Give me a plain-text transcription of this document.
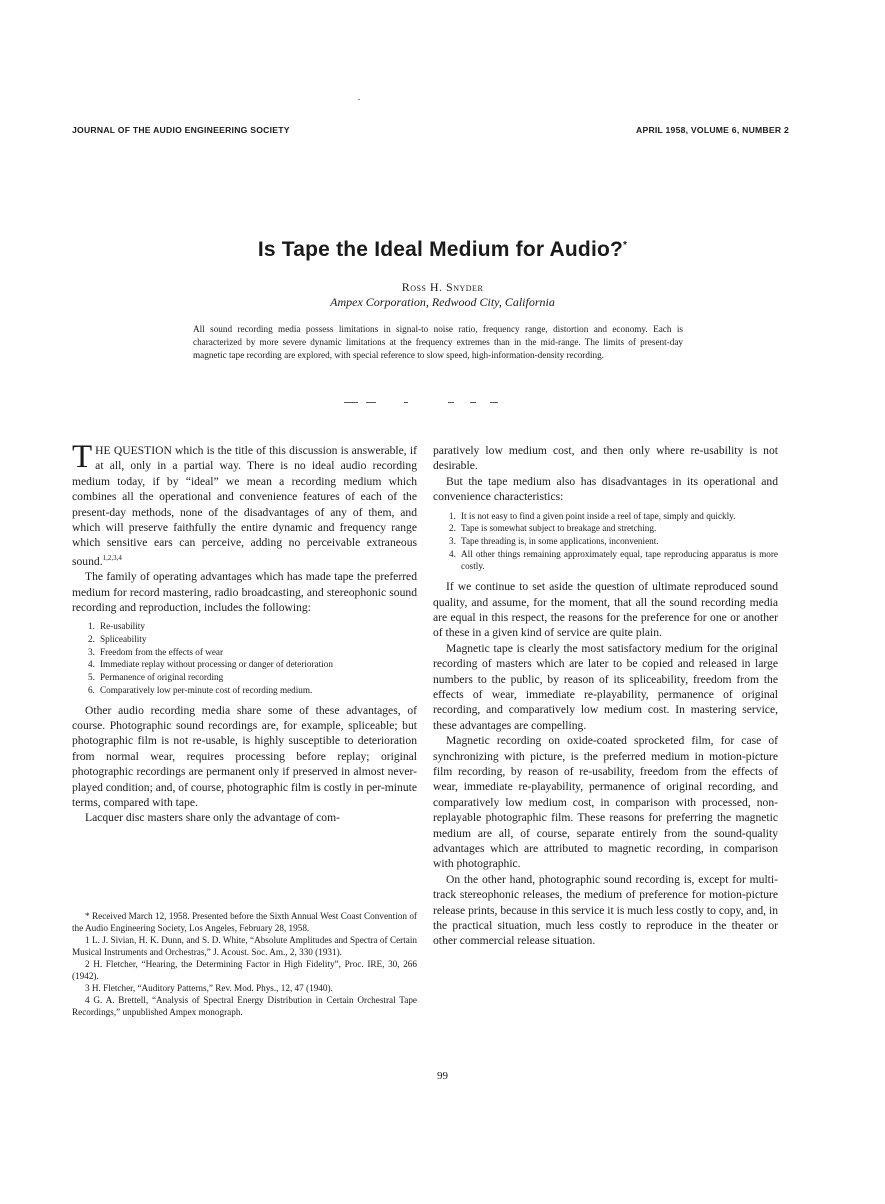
JOURNAL OF THE AUDIO ENGINEERING SOCIETY	APRIL 1958, VOLUME 6, NUMBER 2
Is Tape the Ideal Medium for Audio?*
Ross H. Snyder
Ampex Corporation, Redwood City, California
All sound recording media possess limitations in signal-to noise ratio, frequency range, distortion and economy. Each is characterized by more severe dynamic limitations at the frequency extremes than in the mid-range. The limits of present-day magnetic tape recording are explored, with special reference to slow speed, high-information-density recording.

THE QUESTION which is the title of this discussion is answerable, if at all, only in a partial way. There is no ideal audio recording medium today, if by “ideal” we mean a recording medium which combines all the operational and convenience features of each of the present-day methods, none of the disadvantages of any of them, and which will preserve faithfully the entire dynamic and frequency range which sensitive ears can perceive, adding no perceivable extraneous sound.$^{1,2,3,4}$

The family of operating advantages which has made tape the preferred medium for record mastering, radio broadcasting, and stereophonic sound recording and reproduction, includes the following:

1. Re-usability
2. Spliceability
3. Freedom from the effects of wear
4. Immediate replay without processing or danger of deterioration
5. Permanence of original recording
6. Comparatively low per-minute cost of recording medium.

Other audio recording media share some of these advantages, of course. Photographic sound recordings are, for example, spliceable; but photographic film is not re-usable, is highly susceptible to deterioration from normal wear, requires processing before replay; original photographic recordings are permanent only if preserved in almost never-played condition; and, of course, photographic film is costly in per-minute terms, compared with tape.

Lacquer disc masters share only the advantage of com-

* Received March 12, 1958. Presented before the Sixth Annual West Coast Convention of the Audio Engineering Society, Los Angeles, February 28, 1958.

1 L. J. Sivian, H. K. Dunn, and S. D. White, “Absolute Amplitudes and Spectra of Certain Musical Instruments and Orchestras,” J. Acoust. Soc. Am., 2, 330 (1931).

2 H. Fletcher, “Hearing, the Determining Factor in High Fidelity”, Proc. IRE, 30, 266 (1942).

3 H. Fletcher, “Auditory Patterns,” Rev. Mod. Phys., 12, 47 (1940).

4 G. A. Brettell, “Analysis of Spectral Energy Distribution in Certain Orchestral Tape Recordings,” unpublished Ampex monograph.

paratively low medium cost, and then only where re-usability is not desirable.

But the tape medium also has disadvantages in its operational and convenience characteristics:

1. It is not easy to find a given point inside a reel of tape, simply and quickly.
2. Tape is somewhat subject to breakage and stretching.
3. Tape threading is, in some applications, inconvenient.
4. All other things remaining approximately equal, tape reproducing apparatus is more costly.

If we continue to set aside the question of ultimate reproduced sound quality, and assume, for the moment, that all the sound recording media are equal in this respect, the reasons for the preference for one or another of these in a given kind of service are quite plain.

Magnetic tape is clearly the most satisfactory medium for the original recording of masters which are later to be copied and released in large numbers to the public, by reason of its spliceability, freedom from the effects of wear, immediate re-playability, permanence of original recording, and comparatively low medium cost. In mastering service, these advantages are compelling.

Magnetic recording on oxide-coated sprocketed film, for case of synchronizing with picture, is the preferred medium in motion-picture film recording, by reason of re-usability, freedom from the effects of wear, immediate re-playability, permanence of original recording, and comparatively low medium cost, in comparison with processed, non-replayable photographic film. These reasons for preferring the magnetic medium are all, of course, separate entirely from the sound-quality advantages which are attributed to magnetic recording, in comparison with photographic.

On the other hand, photographic sound recording is, except for multi-track stereophonic releases, the medium of preference for motion-picture release prints, because in this service it is much less costly to copy, and, in the practical situation, much less costly to reproduce in the theater or other commercial release situation.

99
